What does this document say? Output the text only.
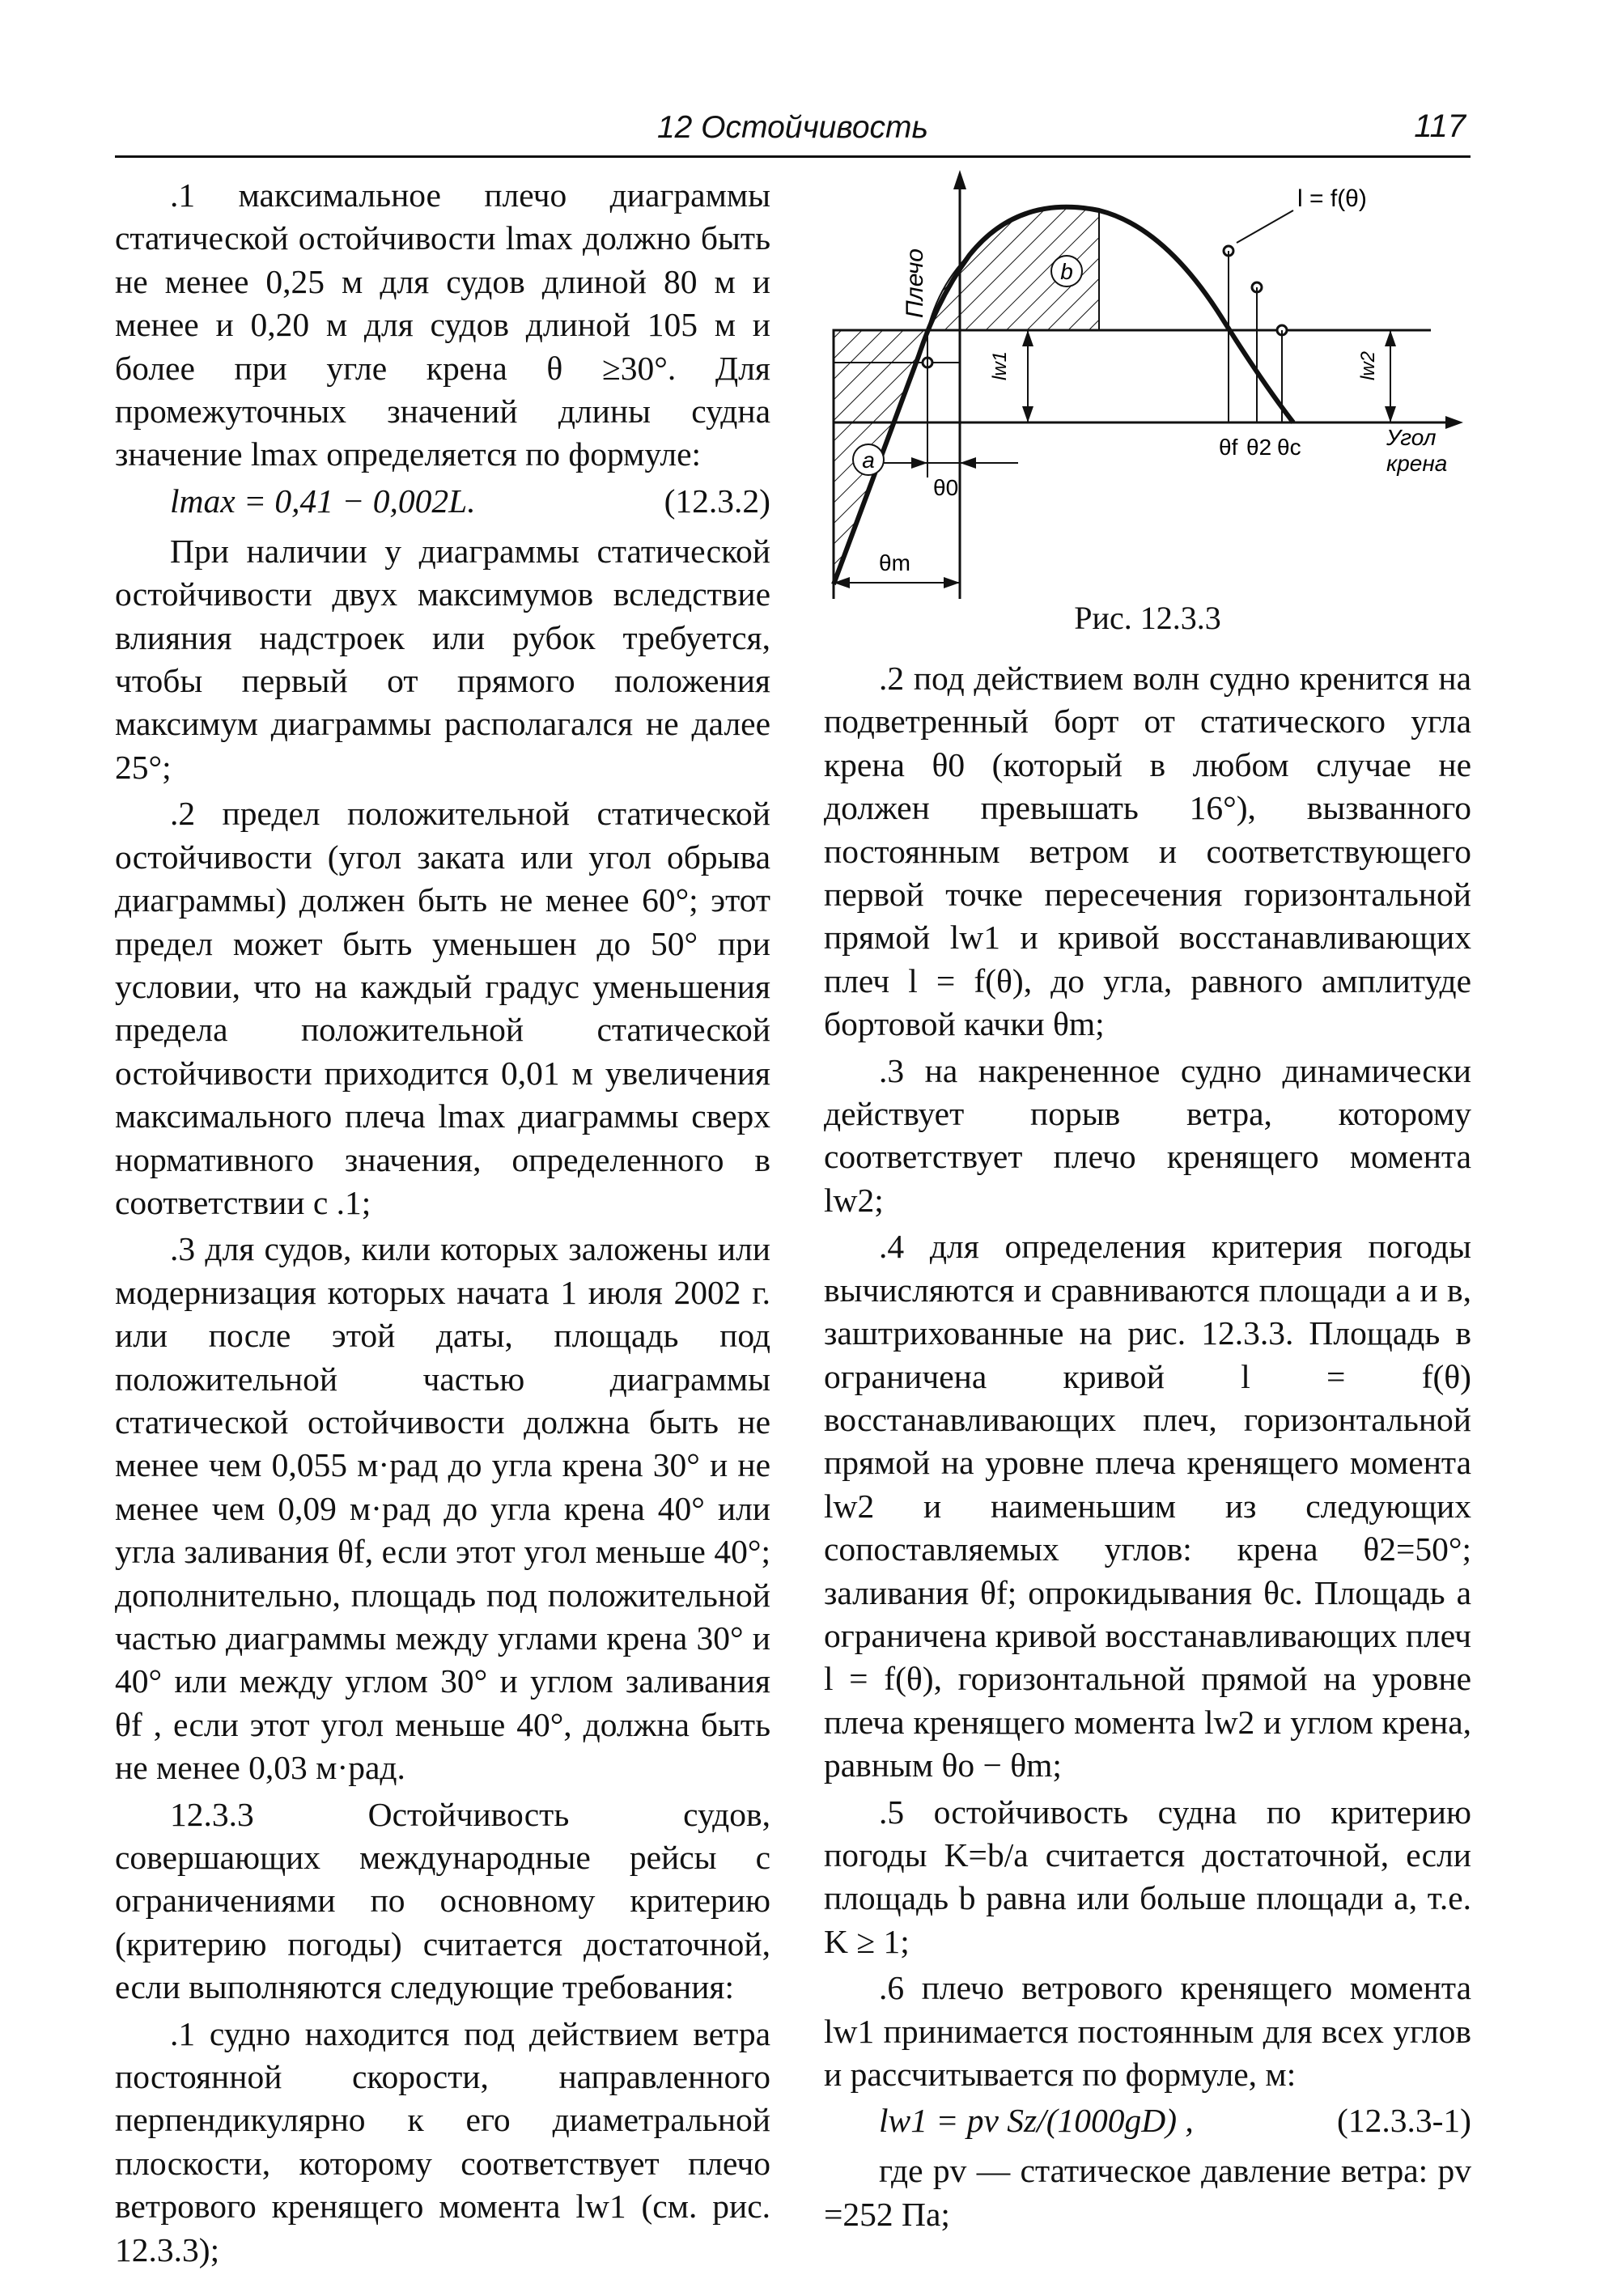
12 Остойчивость	117

.1 максимальное плечо диаграммы статической остойчивости lmax должно быть не менее 0,25 м для судов длиной 80 м и менее и 0,20 м для судов длиной 105 м и более при угле крена θ ≥30°. Для промежуточных значений длины судна значение lmax определяется по формуле:

lmax = 0,41 − 0,002L.	(12.3.2)

При наличии у диаграммы статической остойчивости двух максимумов вследствие влияния надстроек или рубок требуется, чтобы первый от прямого положения максимум диаграммы располагался не далее 25°;

.2 предел положительной статической остойчивости (угол заката или угол обрыва диаграммы) должен быть не менее 60°; этот предел может быть уменьшен до 50° при условии, что на каждый градус уменьшения предела положительной статической остойчивости приходится 0,01 м увеличения максимального плеча lmax диаграммы сверх нормативного значения, определенного в соответствии с .1;

.3 для судов, кили которых заложены или модернизация которых начата 1 июля 2002 г. или после этой даты, площадь под положительной частью диаграммы статической остойчивости должна быть не менее чем 0,055 м·рад до угла крена 30° и не менее чем 0,09 м·рад до угла крена 40° или угла заливания θf, если этот угол меньше 40°; дополнительно, площадь под положительной частью диаграммы между углами крена 30° и 40° или между углом 30° и углом заливания θf , если этот угол меньше 40°, должна быть не менее 0,03 м·рад.

12.3.3 Остойчивость судов, совершающих международные рейсы с ограничениями по основному критерию (критерию погоды) считается достаточной, если выполняются следующие требования:

.1 судно находится под действием ветра постоянной скорости, направленного перпендикулярно к его диаметральной плоскости, которому соответствует плечо ветрового кренящего момента lw1 (см. рис. 12.3.3);

a
b
Плечо
l = f(θ)
Угол
крена
θf θ2 θc
θ0
θm
lw1	lw2
Рис. 12.3.3

.2 под действием волн судно кренится на подветренный борт от статического угла крена θ0 (который в любом случае не должен превышать 16°), вызванного постоянным ветром и соответствующего первой точке пересечения горизонтальной прямой lw1 и кривой восстанавливающих плеч l = f(θ), до угла, равного амплитуде бортовой качки θm;

.3 на накрененное судно динамически действует порыв ветра, которому соответствует плечо кренящего момента lw2;

.4 для определения критерия погоды вычисляются и сравниваются площади a и в, заштрихованные на рис. 12.3.3. Площадь в ограничена кривой l = f(θ) восстанавливающих плеч, горизонтальной прямой на уровне плеча кренящего момента lw2 и наименьшим из следующих сопоставляемых углов: крена θ2=50°; заливания θf; опрокидывания θc. Площадь a ограничена кривой восстанавливающих плеч l = f(θ), горизонтальной прямой на уровне плеча кренящего момента lw2 и углом крена, равным θo − θm;

.5 остойчивость судна по критерию погоды K=b/a считается достаточной, если площадь b равна или больше площади a, т.е. K ≥ 1;

.6 плечо ветрового кренящего момента lw1 принимается постоянным для всех углов и рассчитывается по формуле, м:

lw1 = pv Sz/(1000gD) ,	(12.3.3-1)

где pv — статическое давление ветра: pv =252 Па;
